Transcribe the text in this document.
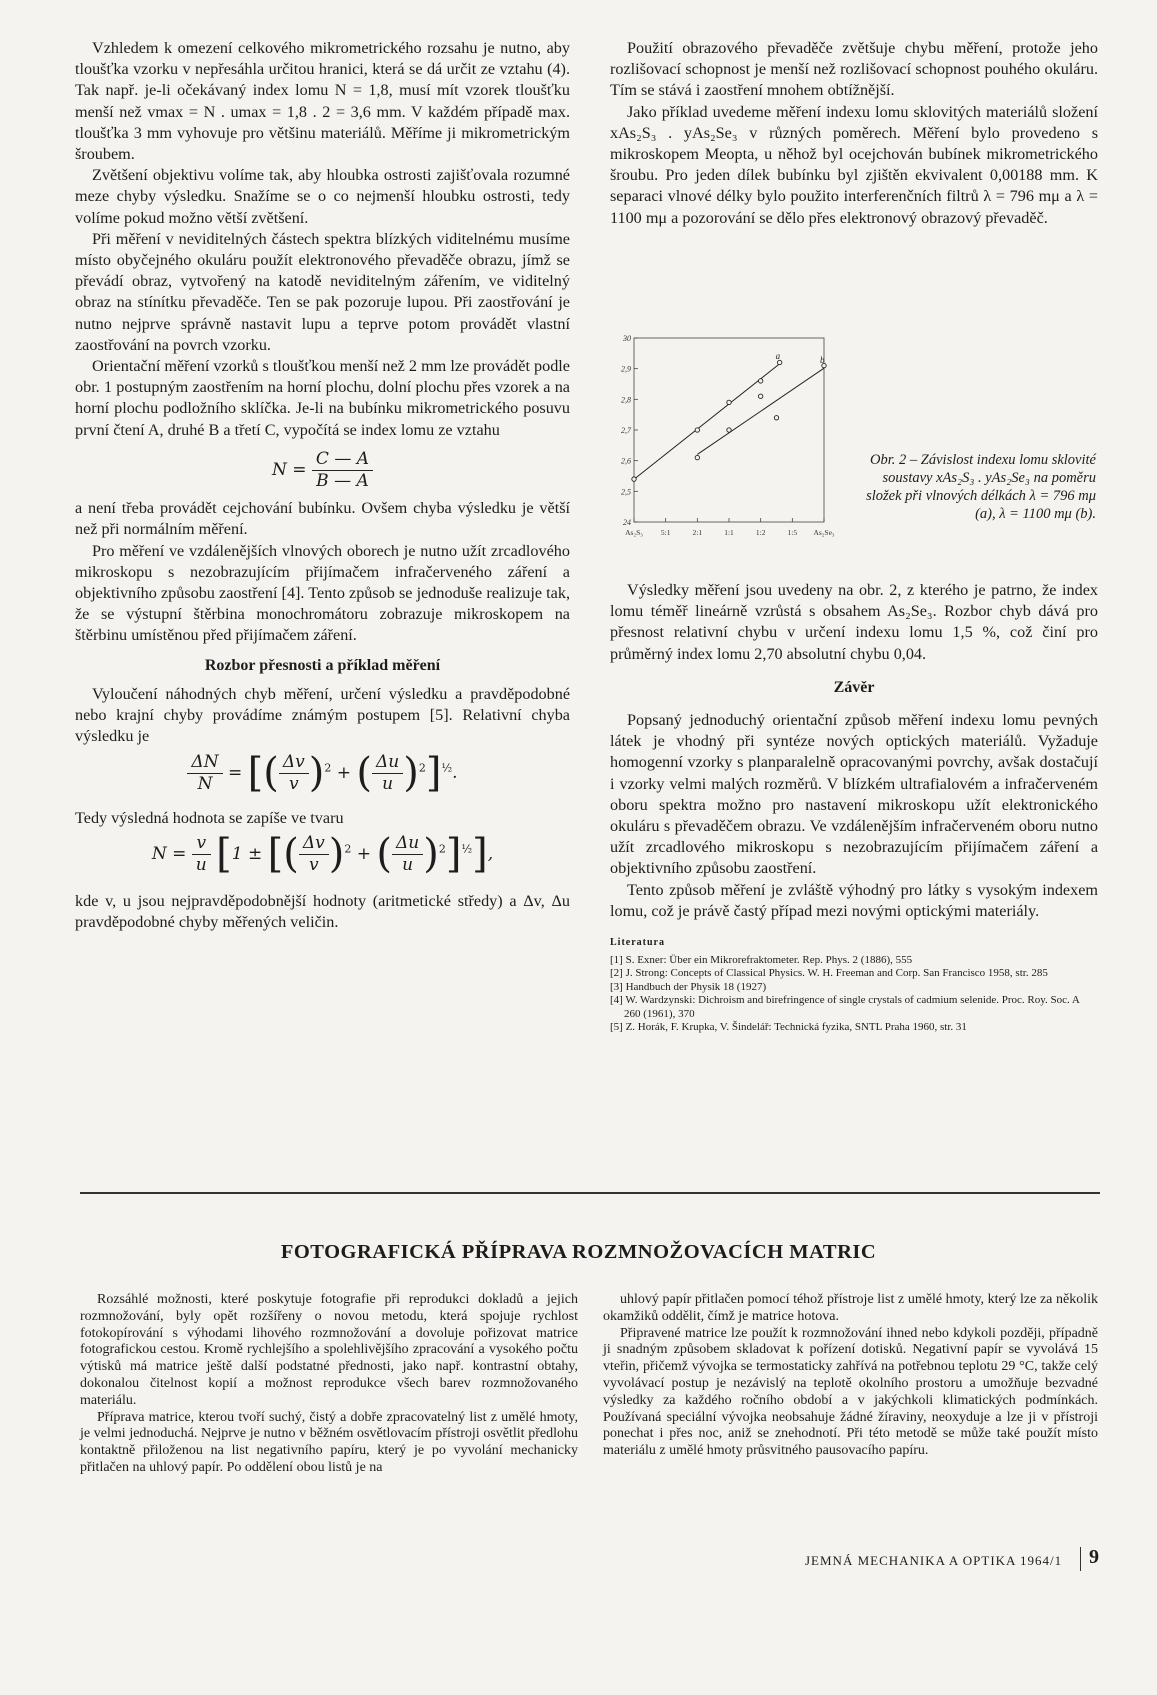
Vzhledem k omezení celkového mikrometrického rozsahu je nutno, aby tloušťka vzorku v nepřesáhla určitou hranici, která se dá určit ze vztahu (4). Tak např. je-li očekávaný index lomu N = 1,8, musí mít vzorek tloušťku menší než vmax = N . umax = 1,8 . 2 = 3,6 mm. V každém případě max. tloušťka 3 mm vyhovuje pro většinu materiálů. Měříme ji mikrometrickým šroubem.

Zvětšení objektivu volíme tak, aby hloubka ostrosti zajišťovala rozumné meze chyby výsledku. Snažíme se o co nejmenší hloubku ostrosti, tedy volíme pokud možno větší zvětšení.

Při měření v neviditelných částech spektra blízkých viditelnému musíme místo obyčejného okuláru použít elektronového převaděče obrazu, jímž se převádí obraz, vytvořený na katodě neviditelným zářením, ve viditelný obraz na stínítku převaděče. Ten se pak pozoruje lupou. Při zaostřování je nutno nejprve správně nastavit lupu a teprve potom provádět vlastní zaostřování na povrch vzorku.

Orientační měření vzorků s tloušťkou menší než 2 mm lze provádět podle obr. 1 postupným zaostřením na horní plochu, dolní plochu přes vzorek a na horní plochu podložního sklíčka. Je-li na bubínku mikrometrického posuvu první čtení A, druhé B a třetí C, vypočítá se index lomu ze vztahu

$N = \frac{C — A}{B — A}$

a není třeba provádět cejchování bubínku. Ovšem chyba výsledku je větší než při normálním měření.

Pro měření ve vzdálenějších vlnových oborech je nutno užít zrcadlového mikroskopu s nezobrazujícím přijímačem infračerveného záření a objektivního způsobu zaostření [4]. Tento způsob se jednoduše realizuje tak, že se výstupní štěrbina monochromátoru zobrazuje mikroskopem na štěrbinu umístěnou před přijímačem záření.

Rozbor přesnosti a příklad měření

Vyloučení náhodných chyb měření, určení výsledku a pravděpodobné nebo krajní chyby provádíme známým postupem [5]. Relativní chyba výsledku je

$\frac{\Delta N}{N}$ = [( $\frac{\Delta v}{v} )^2$ + ( $\frac{\Delta u}{u} )^2]^{\frac{1}{2}}$.

Tedy výsledná hodnota se zapíše ve tvaru

$N = \frac{v}{u} [1$ ± [( $\frac{\Delta v}{v} )^2$ + ( $\frac{\Delta u}{u} )^2]^{\frac{1}{2}}$],

kde v, u jsou nejpravděpodobnější hodnoty (aritmetické středy) a Δv, Δu pravděpodobné chyby měřených veličin.

Použití obrazového převaděče zvětšuje chybu měření, protože jeho rozlišovací schopnost je menší než rozlišovací schopnost pouhého okuláru. Tím se stává i zaostření mnohem obtížnější.

Jako příklad uvedeme měření indexu lomu sklovitých materiálů složení xAs₂S₃ . yAs₂Se₃ v různých poměrech. Měření bylo provedeno s mikroskopem Meopta, u něhož byl ocejchován bubínek mikrometrického šroubu. Pro jeden dílek bubínku byl zjištěn ekvivalent 0,00188 mm. K separaci vlnové délky bylo použito interferenčních filtrů λ = 796 mμ a λ = 1100 mμ a pozorování se dělo přes elektronový obrazový převaděč.

24
2,5
2,6
2,7
2,8
2,9
30
As₂S₃ 5:1	2:1	1:1	1:2	1:5 As₂Se₃
a	b
Obr. 2 – Závislost indexu lomu sklovité soustavy xAs₂S₃ . yAs₂Se₃ na poměru složek při vlnových délkách λ = 796 mμ (a), λ = 1100 mμ (b).

Výsledky měření jsou uvedeny na obr. 2, z kterého je patrno, že index lomu téměř lineárně vzrůstá s obsahem As₂Se₃. Rozbor chyb dává pro přesnost relativní chybu v určení indexu lomu 1,5 %, což činí pro průměrný index lomu 2,70 absolutní chybu 0,04.

Závěr

Popsaný jednoduchý orientační způsob měření indexu lomu pevných látek je vhodný při syntéze nových optických materiálů. Vyžaduje homogenní vzorky s planparalelně opracovanými povrchy, avšak dostačují i vzorky velmi malých rozměrů. V blízkém ultrafialovém a infračerveném oboru spektra možno pro nastavení mikroskopu užít elektronického okuláru s převaděčem obrazu. Ve vzdálenějším infračerveném oboru nutno užít zrcadlového mikroskopu s nezobrazujícím přijímačem záření a objektivního způsobu zaostření.

Tento způsob měření je zvláště výhodný pro látky s vysokým indexem lomu, což je právě častý případ mezi novými optickými materiály.

Literatura
[1] S. Exner: Über ein Mikrorefraktometer. Rep. Phys. 2 (1886), 555
[2] J. Strong: Concepts of Classical Physics. W. H. Freeman and Corp. San Francisco 1958, str. 285
[3] Handbuch der Physik 18 (1927)
[4] W. Wardzynski: Dichroism and birefringence of single crystals of cadmium selenide. Proc. Roy. Soc. A 260 (1961), 370
[5] Z. Horák, F. Krupka, V. Šindelář: Technická fyzika, SNTL Praha 1960, str. 31
FOTOGRAFICKÁ PŘÍPRAVA ROZMNOŽOVACÍCH MATRIC

Rozsáhlé možnosti, které poskytuje fotografie při reprodukci dokladů a jejich rozmnožování, byly opět rozšířeny o novou metodu, která spojuje rychlost fotokopírování s výhodami lihového rozmnožování a dovoluje pořizovat matrice fotografickou cestou. Kromě rychlejšího a spolehlivějšího zpracování a vysokého počtu výtisků má matrice ještě další podstatné přednosti, jako např. kontrastní obtahy, dokonalou čitelnost kopií a možnost reprodukce všech barev rozmnožovaného materiálu.

Příprava matrice, kterou tvoří suchý, čistý a dobře zpracovatelný list z umělé hmoty, je velmi jednoduchá. Nejprve je nutno v běžném osvětlovacím přístroji osvětlit předlohu kontaktně přiloženou na list negativního papíru, který je po vyvolání mechanicky přitlačen na uhlový papír. Po oddělení obou listů je na

uhlový papír přitlačen pomocí téhož přístroje list z umělé hmoty, který lze za několik okamžiků oddělit, čímž je matrice hotova.

Připravené matrice lze použít k rozmnožování ihned nebo kdykoli později, případně ji snadným způsobem skladovat k pořízení dotisků. Negativní papír se vyvolává 15 vteřin, přičemž vývojka se termostaticky zahřívá na potřebnou teplotu 29 °C, takže celý vyvolávací postup je nezávislý na teplotě okolního prostoru a umožňuje bezvadné výsledky za každého ročního období a v jakýchkoli klimatických podmínkách. Používaná speciální vývojka neobsahuje žádné žíraviny, neoxyduje a lze ji v přístroji ponechat i přes noc, aniž se znehodnotí. Při této metodě se může také použít místo materiálu z umělé hmoty průsvitného pausovacího papíru.

JEMNÁ MECHANIKA A OPTIKA 1964/1 9
